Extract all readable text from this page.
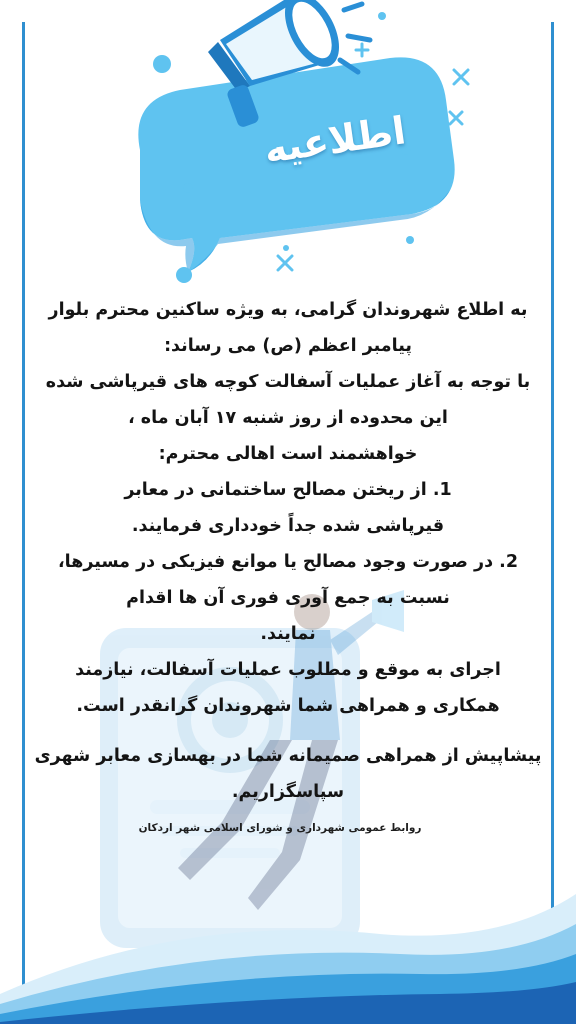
اطلاعیه
به اطلاع شهروندان گرامی، به ویژه ساکنین محترم بلوار
پیامبر اعظم (ص) می رساند:
با توجه به آغاز عملیات آسفالت کوچه های قیرپاشی شده
این محدوده از روز شنبه ۱۷ آبان ماه ،
خواهشمند است اهالی محترم:
1. از ریختن مصالح ساختمانی در معابر
قیرپاشی شده جداً خودداری فرمایند.
2. در صورت وجود مصالح یا موانع فیزیکی در مسیرها،
نسبت به جمع آوری فوری آن ها اقدام
نمایند.
اجرای به موقع و مطلوب عملیات آسفالت، نیازمند
همکاری و همراهی شما شهروندان گرانقدر است.
پیشاپیش از همراهی صمیمانه شما در بهسازی معابر شهری
سپاسگزاریم.
روابط عمومی شهرداری و شورای اسلامی شهر اردکان
